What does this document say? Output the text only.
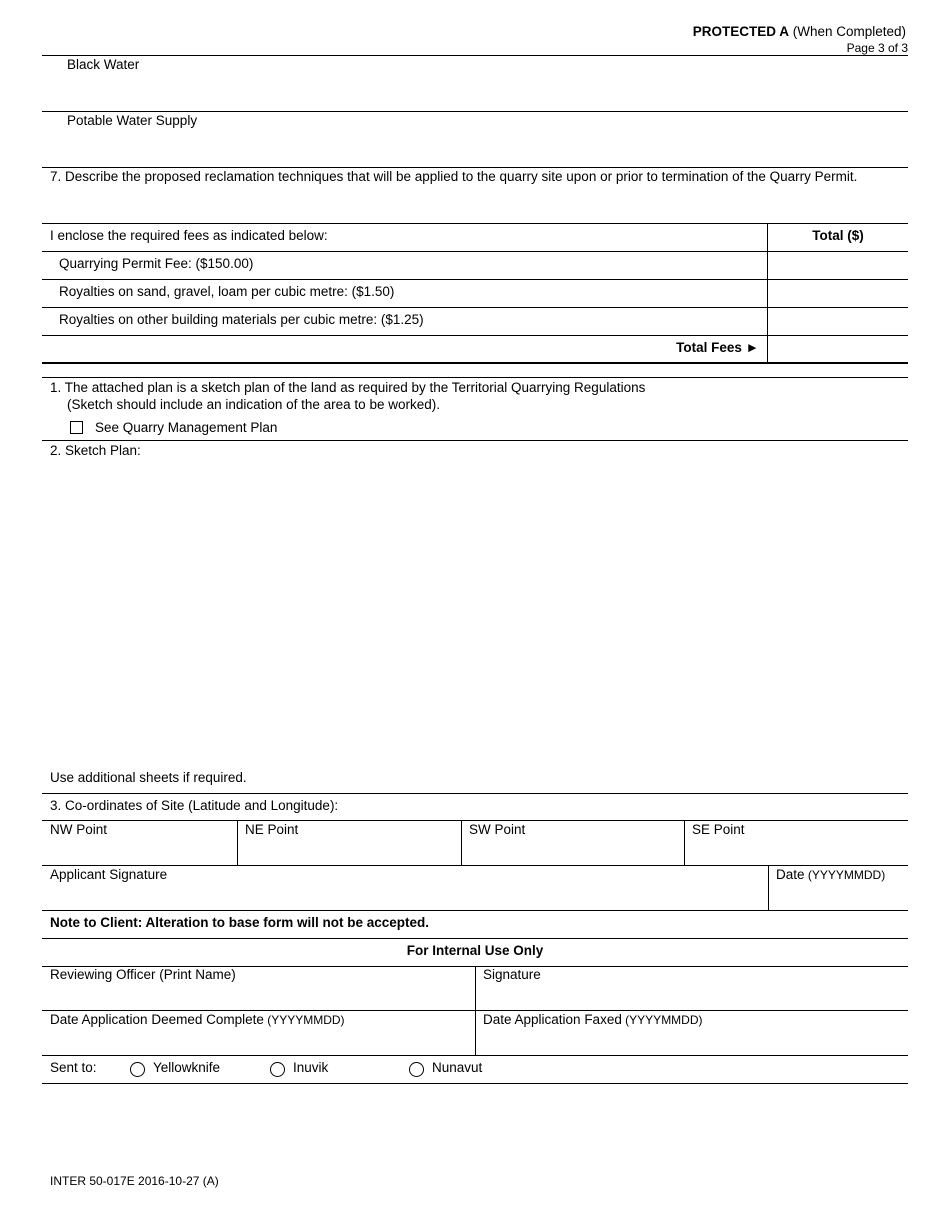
PROTECTED A (When Completed)
Page 3 of 3
Black Water
Potable Water Supply
7. Describe the proposed reclamation techniques that will be applied to the quarry site upon or prior to termination of the Quarry Permit.
I enclose the required fees as indicated below:	Total ($)
Quarrying Permit Fee: ($150.00)
Royalties on sand, gravel, loam per cubic metre: ($1.50)
Royalties on other building materials per cubic metre: ($1.25)
Total Fees ►
1. The attached plan is a sketch plan of the land as required by the Territorial Quarrying Regulations
(Sketch should include an indication of the area to be worked).
See Quarry Management Plan
2. Sketch Plan:
Use additional sheets if required.
3. Co-ordinates of Site (Latitude and Longitude):
NW Point	NE Point	SW Point	SE Point
Applicant Signature	Date (YYYYMMDD)
Note to Client: Alteration to base form will not be accepted.
For Internal Use Only
Reviewing Officer (Print Name)	Signature
Date Application Deemed Complete (YYYYMMDD)	Date Application Faxed (YYYYMMDD)
Sent to:	Yellowknife	Inuvik	Nunavut
INTER 50-017E 2016-10-27 (A)
